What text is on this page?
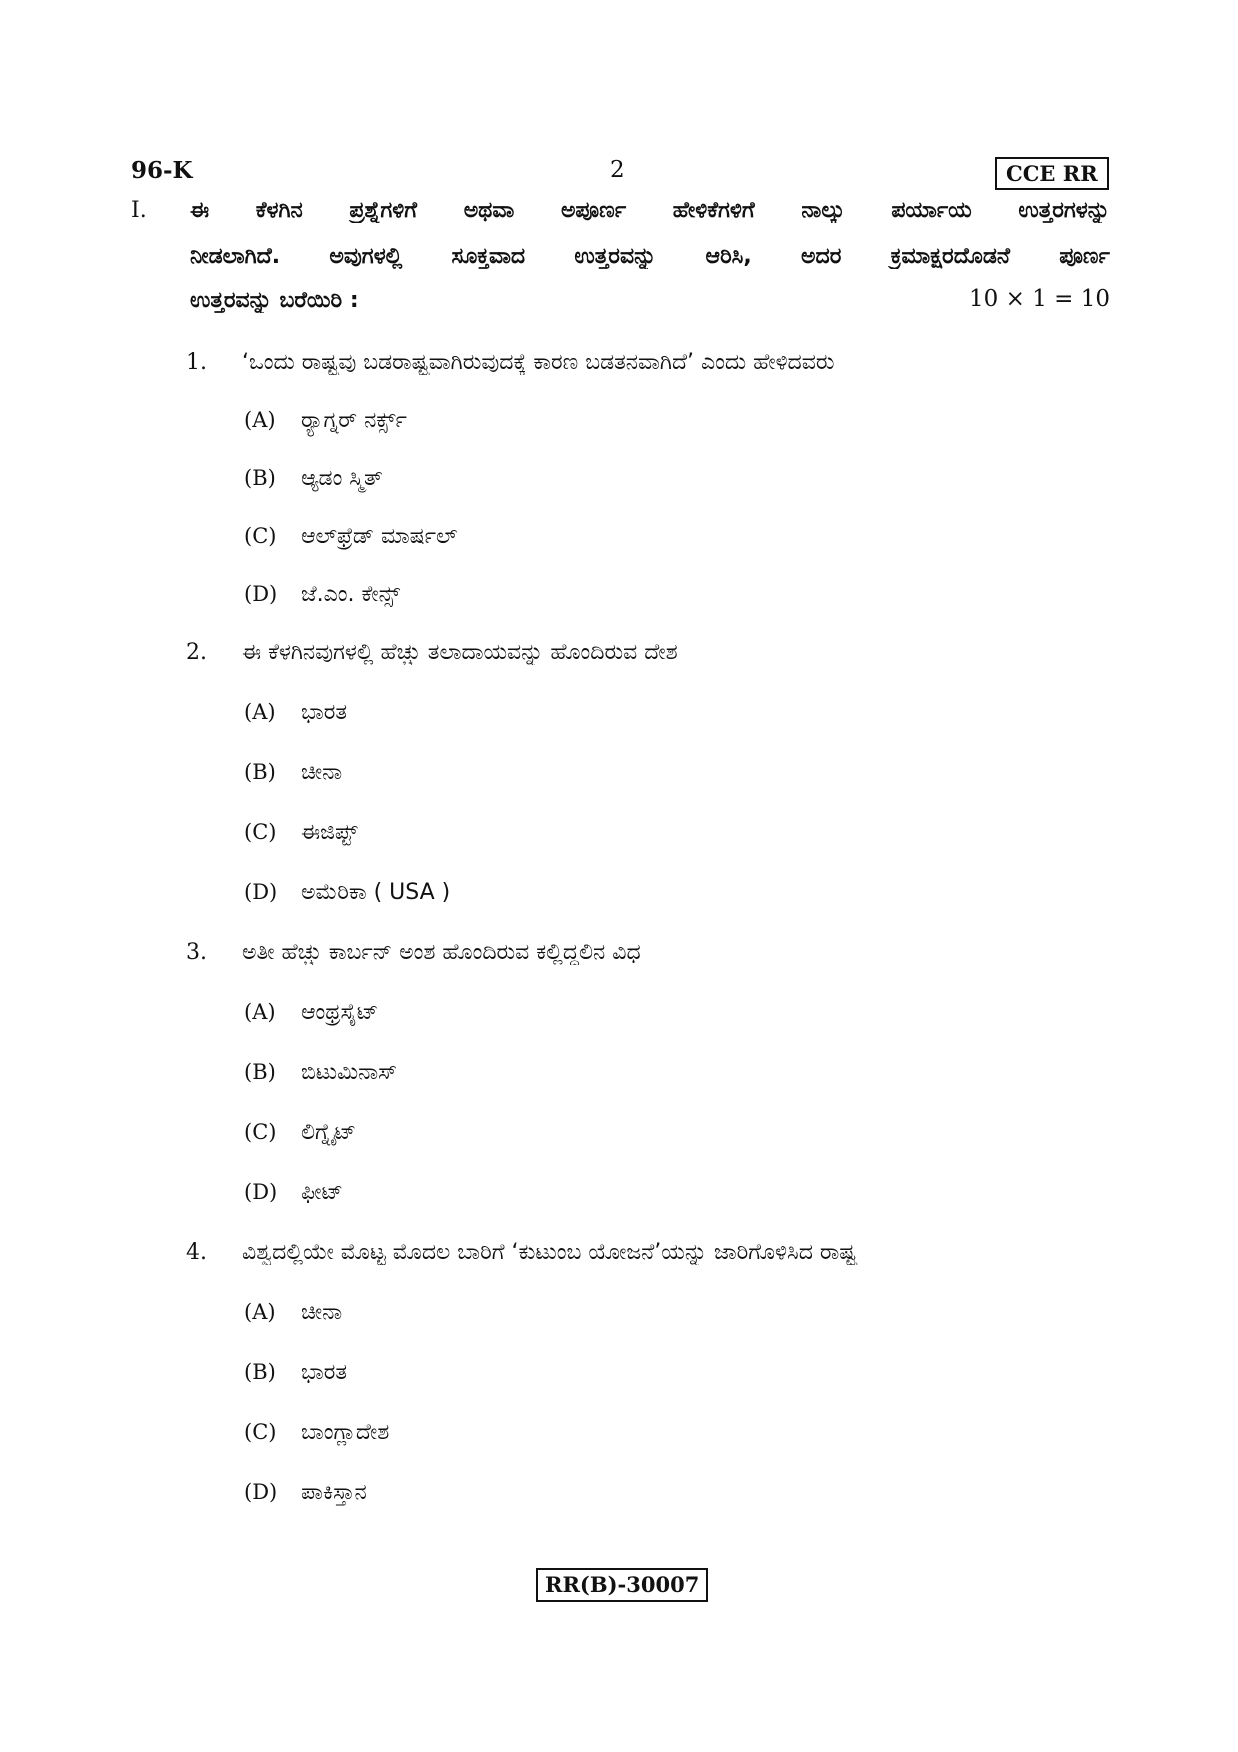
96-K	2	CCE RR
I. ಈ ಕೆಳಗಿನ ಪ್ರಶ್ನೆಗಳಿಗೆ ಅಥವಾ ಅಪೂರ್ಣ ಹೇಳಿಕೆಗಳಿಗೆ ನಾಲ್ಕು ಪರ್ಯಾಯ ಉತ್ತರಗಳನ್ನು
ನೀಡಲಾಗಿದೆ. ಅವುಗಳಲ್ಲಿ ಸೂಕ್ತವಾದ ಉತ್ತರವನ್ನು ಆರಿಸಿ, ಅದರ ಕ್ರಮಾಕ್ಷರದೊಡನೆ ಪೂರ್ಣ
ಉತ್ತರವನ್ನು ಬರೆಯಿರಿ :	10 × 1 = 10
1. ‘ಒಂದು ರಾಷ್ಟ್ರವು ಬಡರಾಷ್ಟ್ರವಾಗಿರುವುದಕ್ಕೆ ಕಾರಣ ಬಡತನವಾಗಿದೆ’ ಎಂದು ಹೇಳಿದವರು
(A) ರ್‍ಯಾಗ್ನರ್ ನರ್ಕ್ಸ್
(B) ಆ್ಯಡಂ ಸ್ಮಿತ್
(C) ಆಲ್‌ಫ್ರೆಡ್ ಮಾರ್ಷಲ್
(D) ಜೆ.ಎಂ. ಕೇನ್ಸ್
2. ಈ ಕೆಳಗಿನವುಗಳಲ್ಲಿ ಹೆಚ್ಚು ತಲಾದಾಯವನ್ನು ಹೊಂದಿರುವ ದೇಶ
(A) ಭಾರತ
(B) ಚೀನಾ
(C) ಈಜಿಪ್ಟ್
(D) ಅಮೆರಿಕಾ ( USA )
3. ಅತೀ ಹೆಚ್ಚು ಕಾರ್ಬನ್ ಅಂಶ ಹೊಂದಿರುವ ಕಲ್ಲಿದ್ದಲಿನ ವಿಧ
(A) ಆಂಥ್ರಸೈಟ್
(B) ಬಿಟುಮಿನಾಸ್
(C) ಲಿಗ್ನೈಟ್
(D) ಫೀಟ್
4. ವಿಶ್ವದಲ್ಲಿಯೇ ಮೊಟ್ಟ ಮೊದಲ ಬಾರಿಗೆ ‘ಕುಟುಂಬ ಯೋಜನೆ’ಯನ್ನು ಜಾರಿಗೊಳಿಸಿದ ರಾಷ್ಟ್ರ
(A) ಚೀನಾ
(B) ಭಾರತ
(C) ಬಾಂಗ್ಲಾದೇಶ
(D) ಪಾಕಿಸ್ತಾನ
RR(B)-30007
